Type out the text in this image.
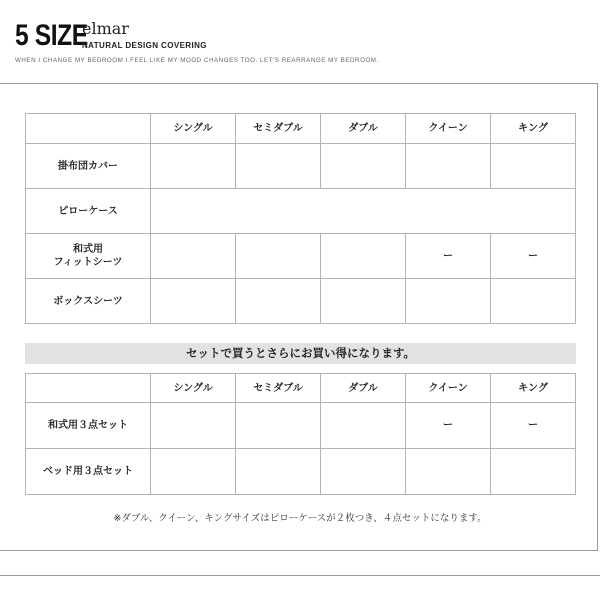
5 SIZE
elmar
NATURAL DESIGN COVERING
WHEN I CHANGE MY BEDROOM I FEEL LIKE MY MOOD CHANGES TOO. LET'S REARRANGE MY BEDROOM.
	シングル	セミダブル	ダブル	クイーン	キング
掛布団カバー					
ピローケース					
和式用
フィットシーツ				ー	ー
ボックスシーツ					
セットで買うとさらにお買い得になります。
	シングル	セミダブル	ダブル	クイーン	キング
和式用３点セット				ー	ー
ベッド用３点セット					
※ダブル、クイーン、キングサイズはピローケースが２枚つき、４点セットになります。
